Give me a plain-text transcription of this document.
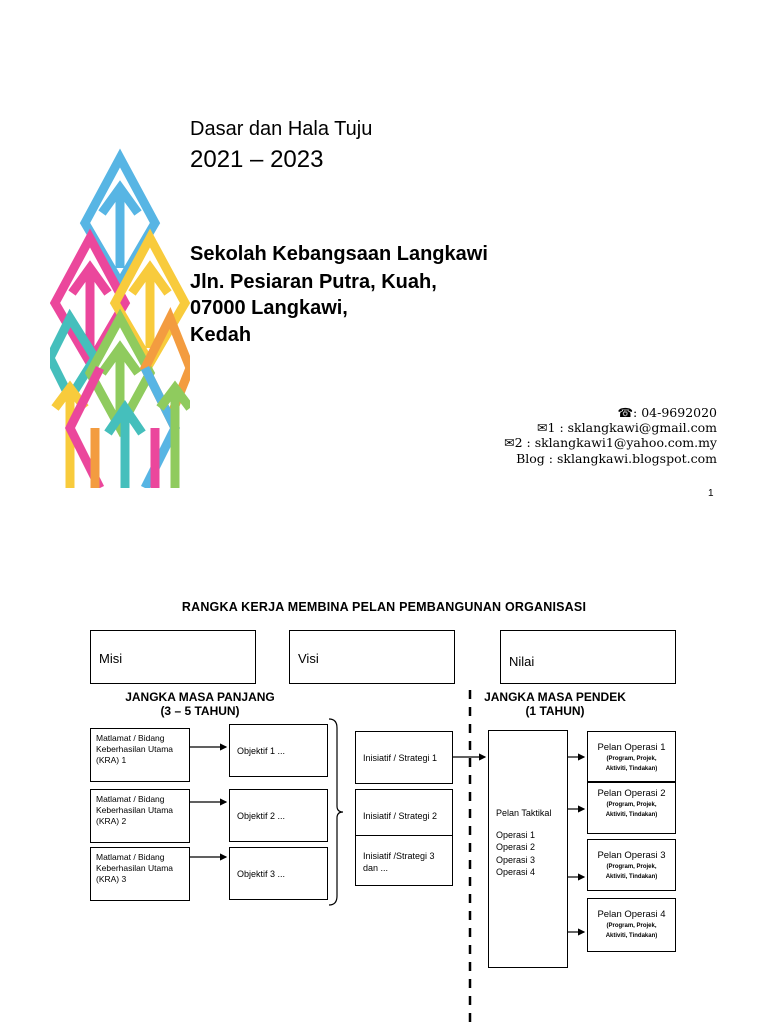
Dasar dan Hala Tuju
2021 – 2023
Sekolah Kebangsaan Langkawi
Jln. Pesiaran Putra, Kuah,
07000 Langkawi,
Kedah
☎: 04-9692020
✉1 : sklangkawi@gmail.com
✉2 : sklangkawi1@yahoo.com.my
Blog : sklangkawi.blogspot.com
1
RANGKA KERJA MEMBINA PELAN PEMBANGUNAN ORGANISASI
Misi	Visi	Nilai
JANGKA MASA PANJANG
(3 – 5 TAHUN)
JANGKA MASA PENDEK
(1 TAHUN)
Matlamat / Bidang
Keberhasilan Utama
(KRA) 1
Matlamat / Bidang
Keberhasilan Utama
(KRA) 2
Matlamat / Bidang
Keberhasilan Utama
(KRA) 3
Objektif 1 ...
Objektif 2 ...
Objektif 3 ...
Inisiatif / Strategi 1
Inisiatif / Strategi 2
Inisiatif /Strategi 3
dan ...
Pelan Taktikal
Operasi 1
Operasi 2
Operasi 3
Operasi 4
Pelan Operasi 1
(Program, Projek,
Aktiviti, Tindakan)
Pelan Operasi 2
(Program, Projek,
Aktiviti, Tindakan)
Pelan Operasi 3
(Program, Projek,
Aktiviti, Tindakan)
Pelan Operasi 4
(Program, Projek,
Aktiviti, Tindakan)
